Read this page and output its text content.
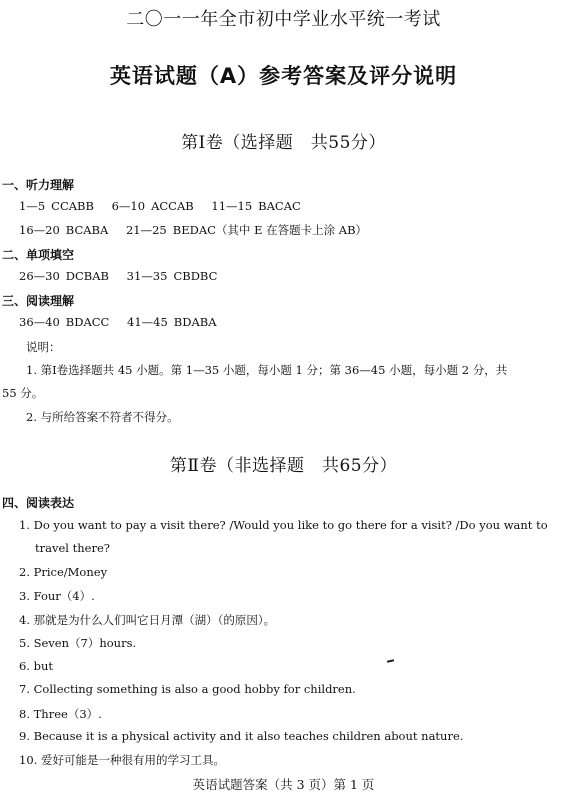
二〇一一年全市初中学业水平统一考试
英语试题（A）参考答案及评分说明
第Ⅰ卷（选择题　共55分）
一、听力理解
1—5 CCABB 6—10 ACCAB 11—15 BACAC
16—20 BCABA 21—25 BEDAC（其中 E 在答题卡上涂 AB）
二、单项填空
26—30 DCBAB 31—35 CBDBC
三、阅读理解
36—40 BDACC 41—45 BDABA
说明：
1. 第Ⅰ卷选择题共 45 小题。第 1—35 小题，每小题 1 分；第 36—45 小题，每小题 2 分，共
55 分。
2. 与所给答案不符者不得分。
第Ⅱ卷（非选择题　共65分）
四、阅读表达
1. Do you want to pay a visit there? /Would you like to go there for a visit? /Do you want to
travel there?
2. Price/Money
3. Four（4）.
4. 那就是为什么人们叫它日月潭（湖）（的原因）。
5. Seven（7）hours.
6. but
7. Collecting something is also a good hobby for children.
8. Three（3）.
9. Because it is a physical activity and it also teaches children about nature.
10. 爱好可能是一种很有用的学习工具。
英语试题答案（共 3 页）第 1 页
